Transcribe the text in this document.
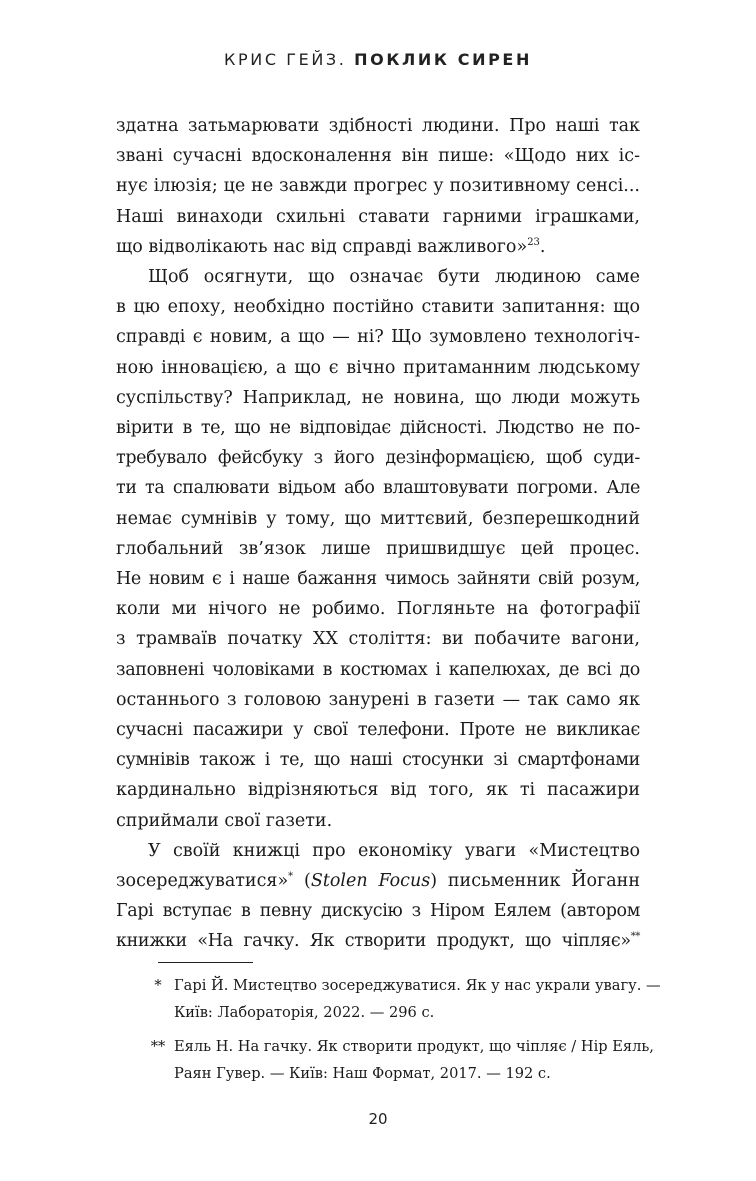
КРИС ГЕЙЗ. ПОКЛИК СИРЕН

здатна затьмарювати здібності людини. Про наші так
звані сучасні вдосконалення він пише: «Щодо них іс-
нує ілюзія; це не завжди прогрес у позитивному сенсі...
Наші винаходи схильні ставати гарними іграшками,

що відволікають нас від справді важливого»$^{23}$.

Щоб осягнути, що означає бути людиною саме

в цю епоху, необхідно постійно ставити запитання: що
справді є новим, а що — ні? Що зумовлено технологіч-
ною інновацією, а що є вічно притаманним людському
суспільству? Наприклад, не новина, що люди можуть
вірити в те, що не відповідає дійсності. Людство не по-
требувало фейсбуку з його дезінформацією, щоб суди-
ти та спалювати відьом або влаштовувати погроми. Але
немає сумнівів у тому, що миттєвий, безперешкодний
глобальний зв’язок лише пришвидшує цей процес.
Не новим є і наше бажання чимось зайняти свій розум,
коли ми нічого не робимо. Погляньте на фотографії
з трамваїв початку XX століття: ви побачите вагони,
заповнені чоловіками в костюмах і капелюхах, де всі до
останнього з головою занурені в газети — так само як
сучасні пасажири у свої телефони. Проте не викликає
сумнівів також і те, що наші стосунки зі смартфонами
кардинально відрізняються від того, як ті пасажири

сприймали свої газети.

У своїй книжці про економіку уваги «Мистецтво

зосереджуватися»* (Stolen Focus) письменник Йоганн
Гарі вступає в певну дискусію з Ніром Еялем (автором
книжки «На гачку. Як створити продукт, що чіпляє»**

* Гарі Й. Мистецтво зосереджуватися. Як у нас украли увагу. —
Київ: Лабораторія, 2022. — 296 с.
** Еяль Н. На гачку. Як створити продукт, що чіпляє / Нір Еяль,
Раян Гувер. — Київ: Наш Формат, 2017. — 192 с.
20
